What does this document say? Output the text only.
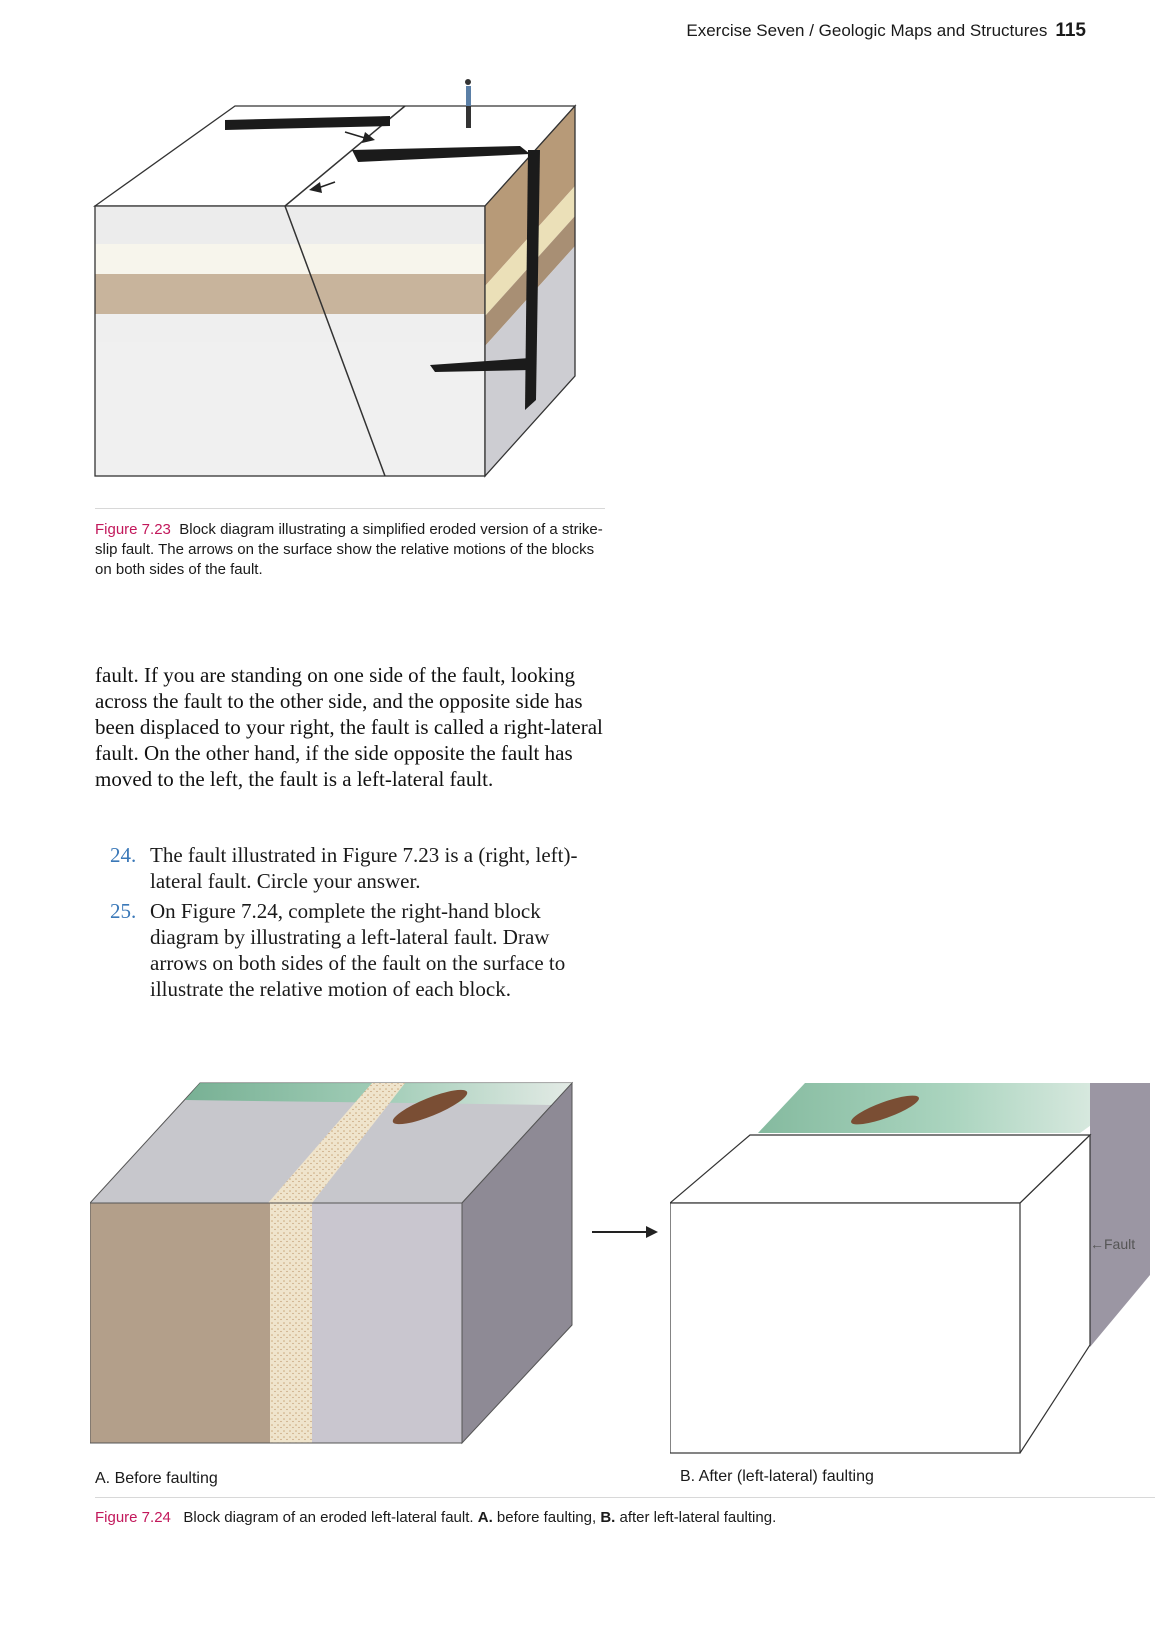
Exercise Seven / Geologic Maps and Structures 115
Figure 7.23 Block diagram illustrating a simplified eroded version of a strike-slip fault. The arrows on the surface show the relative motions of the blocks on both sides of the fault.
fault. If you are standing on one side of the fault, looking across the fault to the other side, and the opposite side has been displaced to your right, the fault is called a right-lateral fault. On the other hand, if the side opposite the fault has moved to the left, the fault is a left-lateral fault.
24. The fault illustrated in Figure 7.23 is a (right, left)-lateral fault. Circle your answer.
25. On Figure 7.24, complete the right-hand block diagram by illustrating a left-lateral fault. Draw arrows on both sides of the fault on the surface to illustrate the relative motion of each block.
←Fault
A. Before faulting	B. After (left-lateral) faulting
Figure 7.24 Block diagram of an eroded left-lateral fault. A. before faulting, B. after left-lateral faulting.
